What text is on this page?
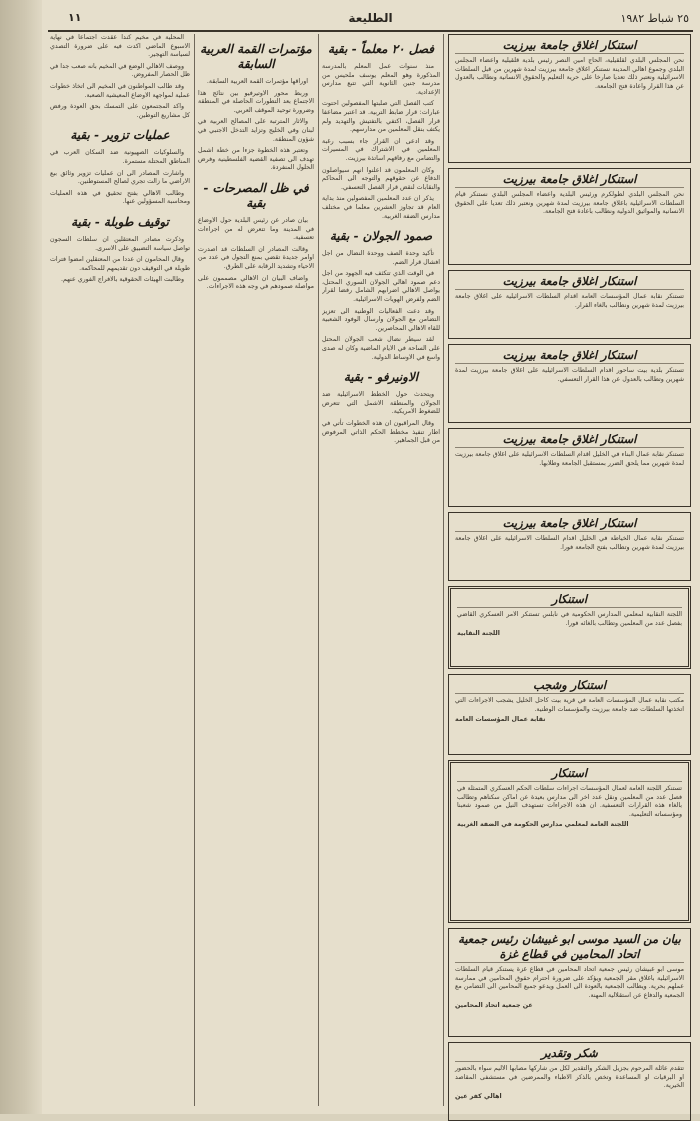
٢٥ شباط ١٩٨٢
الطليعة
١١
استنكار اغلاق جامعة بيرزيت
نحن المجلس البلدي لقلقيلية، الحاج امين النصر رئيس بلدية قلقيلية واعضاء المجلس البلدي وجموع اهالي المدينة نستنكر اغلاق جامعة بيرزيت لمدة شهرين من قبل السلطات الاسرائيلية ونعتبر ذلك تعديا صارخا على حرية التعليم والحقوق الانسانية ونطالب بالعدول عن هذا القرار واعادة فتح الجامعة.
استنكار اغلاق جامعة بيرزيت
نحن المجلس البلدي لطولكرم ورئيس البلدية واعضاء المجلس البلدي نستنكر قيام السلطات الاسرائيلية باغلاق جامعة بيرزيت لمدة شهرين ونعتبر ذلك تعديا على الحقوق الانسانية والمواثيق الدولية ونطالب باعادة فتح الجامعة.
استنكار اغلاق جامعة بيرزيت
تستنكر نقابة عمال المؤسسات العامة اقدام السلطات الاسرائيلية على اغلاق جامعة بيرزيت لمدة شهرين ونطالب بالغاء القرار.
استنكار اغلاق جامعة بيرزيت
تستنكر بلدية بيت ساحور اقدام السلطات الاسرائيلية على اغلاق جامعة بيرزيت لمدة شهرين وتطالب بالعدول عن هذا القرار التعسفي.
استنكار اغلاق جامعة بيرزيت
تستنكر نقابة عمال البناء في الخليل اقدام السلطات الاسرائيلية على اغلاق جامعة بيرزيت لمدة شهرين مما يلحق الضرر بمستقبل الجامعة وطلابها.
استنكار اغلاق جامعة بيرزيت
تستنكر نقابة عمال الخياطة في الخليل اقدام السلطات الاسرائيلية على اغلاق جامعة بيرزيت لمدة شهرين وتطالب بفتح الجامعة فورا.
استنكار
اللجنة النقابية لمعلمي المدارس الحكومية في نابلس تستنكر الامر العسكري القاضي بفصل عدد من المعلمين وتطالب بالغائه فورا.
اللجنة النقابية
استنكار وشجب
مكتب نقابة عمال المؤسسات العامة في قرية بيت كاحل الخليل يشجب الاجراءات التي اتخذتها السلطات ضد جامعة بيرزيت والمؤسسات الوطنية.
نقابة عمال المؤسسات العامة
استنكار
تستنكر اللجنة العامة لعمال المؤسسات اجراءات سلطات الحكم العسكري المتمثلة في فصل عدد من المعلمين ونقل عدد اخر الى مدارس بعيدة عن اماكن سكناهم وتطالب بالغاء هذه القرارات التعسفية. ان هذه الاجراءات تستهدف النيل من صمود شعبنا ومؤسساته التعليمية.
اللجنة العامة لمعلمي مدارس الحكومة في الضفة الغربية
بيان من السيد موسى ابو غبيشان رئيس جمعية اتحاد المحامين في قطاع غزة
موسى ابو غبيشان رئيس جمعية اتحاد المحامين في قطاع غزة يستنكر قيام السلطات الاسرائيلية باغلاق مقر الجمعية ويؤكد على ضرورة احترام حقوق المحامين في ممارسة عملهم بحرية. ويطالب الجمعية بالعودة الى العمل ويدعو جميع المحامين الى التضامن مع الجمعية والدفاع عن استقلالية المهنة.
عن جمعية اتحاد المحامين
شكر وتقدير
تتقدم عائلة المرحوم بجزيل الشكر والتقدير لكل من شاركها مصابها الاليم سواء بالحضور او البرقيات او المساعدة وتخص بالذكر الاطباء والممرضين في مستشفى المقاصد الخيرية.
اهالي كفر عين
فصل ٢٠ معلماً - بقية

منذ سنوات عمل المعلم بالمدرسة المذكورة وهو المعلم يوسف ملحيس من مدرسة جنين الثانوية التي تتبع مدارس الإعدادية.

كتب الفصل التي صلبتها المفصولين احتوت عبارات: قرار ضابط التربية. قد اعتبر مضاعفا قرار الفصل، اكتفي بالتفتيش والتهديد ولم يكتف بنقل المعلمين من مدارسهم.

وقد ادعى ان القرار جاء بسبب رغبة المعلمين في الاشتراك في المسيرات والتضامن مع رفاقهم اساتذة بيرزيت.

وكان المعلمون قد اعلنوا انهم سيواصلون الدفاع عن حقوقهم والتوجه الى المحاكم والنقابات لنقض قرار الفصل التعسفي.

يذكر ان عدد المعلمين المفصولين منذ بداية العام قد تجاوز العشرين معلما في مختلف مدارس الضفة الغربية.

صمود الجولان - بقية

تأكيد وحدة الصف ووحدة النضال من اجل افشال قرار الضم.

في الوقت الذي تتكثف فيه الجهود من اجل دعم صمود اهالي الجولان السوري المحتل، يواصل الاهالي اضرابهم الشامل رفضا لقرار الضم ولفرض الهويات الاسرائيلية.

وقد دعت الفعاليات الوطنية الى تعزيز التضامن مع الجولان وارسال الوفود الشعبية للقاء الاهالي المحاصرين.

لقد سيطر نضال شعب الجولان المحتل على الساحة في الايام الماضية وكان له صدى واسع في الاوساط الدولية.

الاونيرفو - بقية

ويتحدث حول الخطط الاسرائيلية ضد الجولان والمنطقة الاشمل التي تتعرض للضغوط الامريكية.

وقال المراقبون ان هذه الخطوات تأتي في اطار تنفيذ مخطط الحكم الذاتي المرفوض من قبل الجماهير.

مؤتمرات القمة العربية السابقة

اوراقها مؤتمرات القمة العربية السابقة.

وربط محور الاوتيرفيو بين نتائج هذا الاجتماع بعد التطورات الحاصلة في المنطقة وضرورة توحيد الموقف العربي.

والاثار المترتبة على المصالح العربية في لبنان وفي الخليج وتزايد التدخل الاجنبي في شؤون المنطقة.

وتعتبر هذه الخطوة جزءا من خطة اشمل تهدف الى تصفية القضية الفلسطينية وفرض الحلول المنفردة.

في ظل المصرحات - بقية

بيان صادر عن رئيس البلدية حول الاوضاع في المدينة وما تتعرض له من اجراءات تعسفية.

وقالت المصادر ان السلطات قد اصدرت اوامر جديدة تقضي بمنع التجول في عدد من الاحياء وتشديد الرقابة على الطرق.

واضاف البيان ان الاهالي مصممون على مواصلة صمودهم في وجه هذه الاجراءات.

المحلية في مخيم كندا عقدت اجتماعا في نهاية الاسبوع الماضي اكدت فيه على ضرورة التصدي لسياسة التهجير.

ووصف الاهالي الوضع في المخيم بانه صعب جدا في ظل الحصار المفروض.

وقد طالب المواطنون في المخيم الى اتخاذ خطوات عملية لمواجهة الاوضاع المعيشية الصعبة.

واكد المجتمعون على التمسك بحق العودة ورفض كل مشاريع التوطين.

عمليات تزوير - بقية

والسلوكيات الصهيونية ضد السكان العرب في المناطق المحتلة مستمرة.

واشارت المصادر الى ان عمليات تزوير وثائق بيع الاراضي ما زالت تجري لصالح المستوطنين.

وطالب الاهالي بفتح تحقيق في هذه العمليات ومحاسبة المسؤولين عنها.

توقيف طوبلة - بقية

وذكرت مصادر المعتقلين ان سلطات السجون تواصل سياسة التضييق على الاسرى.

وقال المحامون ان عددا من المعتقلين امضوا فترات طويلة في التوقيف دون تقديمهم للمحاكمة.

وطالبت الهيئات الحقوقية بالافراج الفوري عنهم.
